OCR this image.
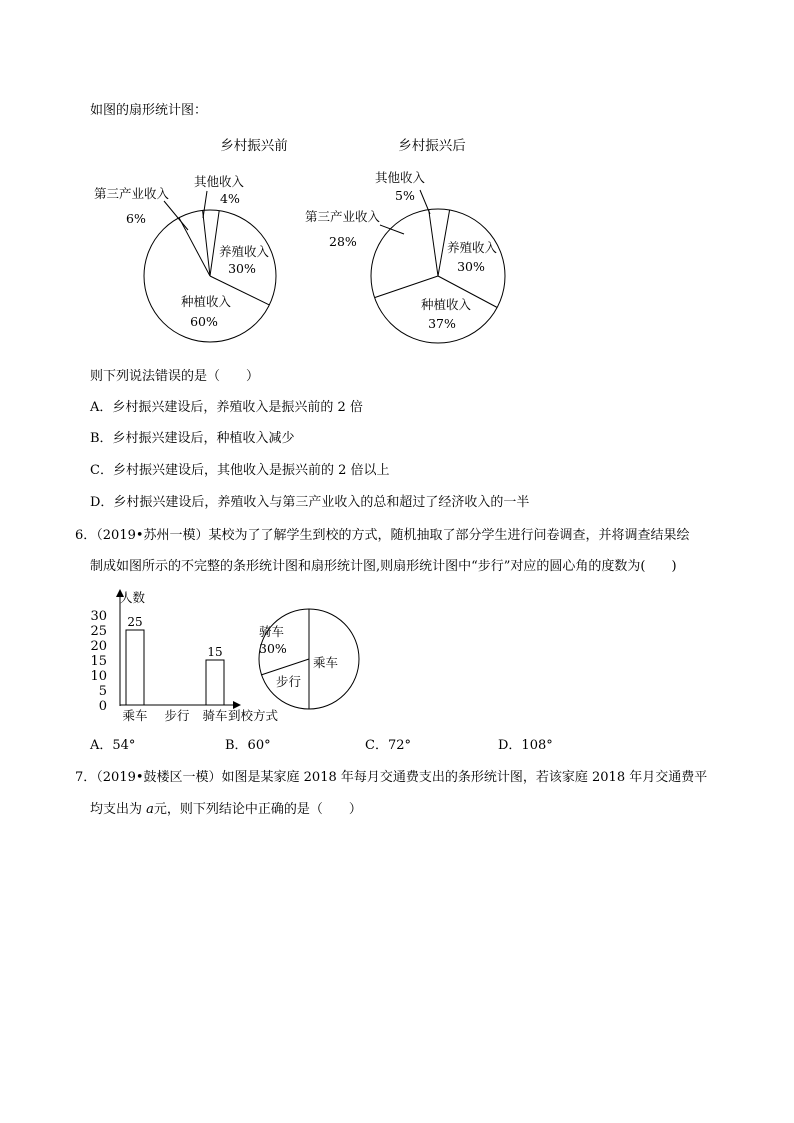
如图的扇形统计图：
乡村振兴前
养殖收入
30%
种植收入
60%
第三产业收入
6%
其他收入
4%
乡村振兴后
养殖收入
30%
种植收入
37%
第三产业收入
28%
其他收入
5%
则下列说法错误的是（　　）
A．乡村振兴建设后，养殖收入是振兴前的 2 倍
B．乡村振兴建设后，种植收入减少
C．乡村振兴建设后，其他收入是振兴前的 2 倍以上
D．乡村振兴建设后，养殖收入与第三产业收入的总和超过了经济收入的一半
6．（2019•苏州一模）某校为了了解学生到校的方式，随机抽取了部分学生进行问卷调查，并将调查结果绘
制成如图所示的不完整的条形统计图和扇形统计图,则扇形统计图中“步行”对应的圆心角的度数为(　　)
0
5
10
15
20
25
30
乘车
25
步行 骑车
15
人数
到校方式
骑车
30%
乘车
步行
A．54°	B．60°	C．72°	D．108°
7．（2019•鼓楼区一模）如图是某家庭 2018 年每月交通费支出的条形统计图，若该家庭 2018 年月交通费平
均支出为 a元，则下列结论中正确的是（　　）
